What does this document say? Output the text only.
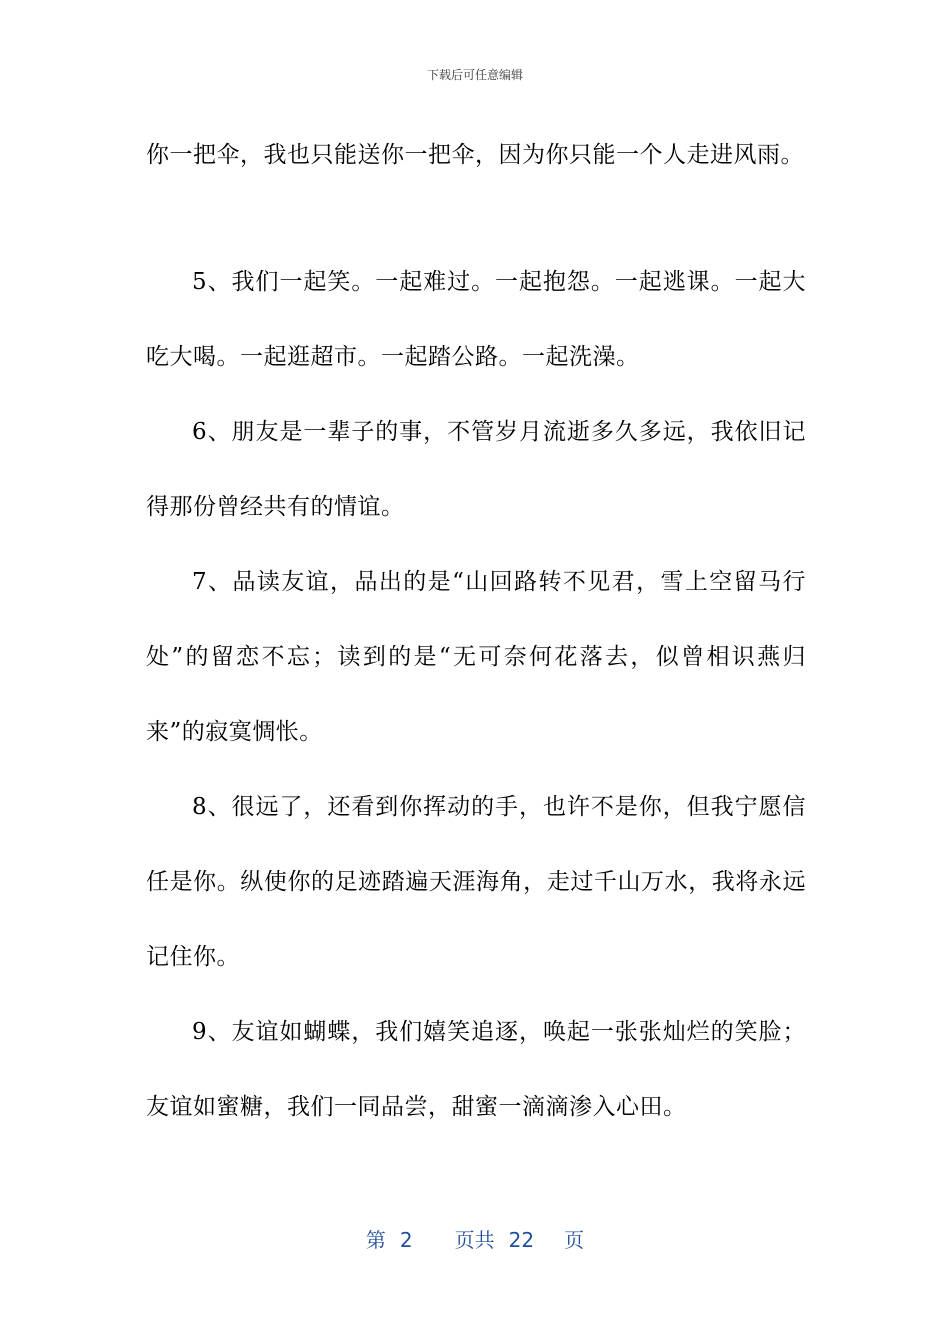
下载后可任意编辑

你一把伞，我也只能送你一把伞，因为你只能一个人走进风雨。

5、我们一起笑。一起难过。一起抱怨。一起逃课。一起大吃大喝。一起逛超市。一起踏公路。一起洗澡。

6、朋友是一辈子的事，不管岁月流逝多久多远，我依旧记得那份曾经共有的情谊。

7、品读友谊，品出的是“山回路转不见君，雪上空留马行处”的留恋不忘；读到的是“无可奈何花落去，似曾相识燕归来”的寂寞惆怅。

8、很远了，还看到你挥动的手，也许不是你，但我宁愿信任是你。纵使你的足迹踏遍天涯海角，走过千山万水，我将永远记住你。

9、友谊如蝴蝶，我们嬉笑追逐，唤起一张张灿烂的笑脸；友谊如蜜糖，我们一同品尝，甜蜜一滴滴渗入心田。

第 2 页共 22 页
